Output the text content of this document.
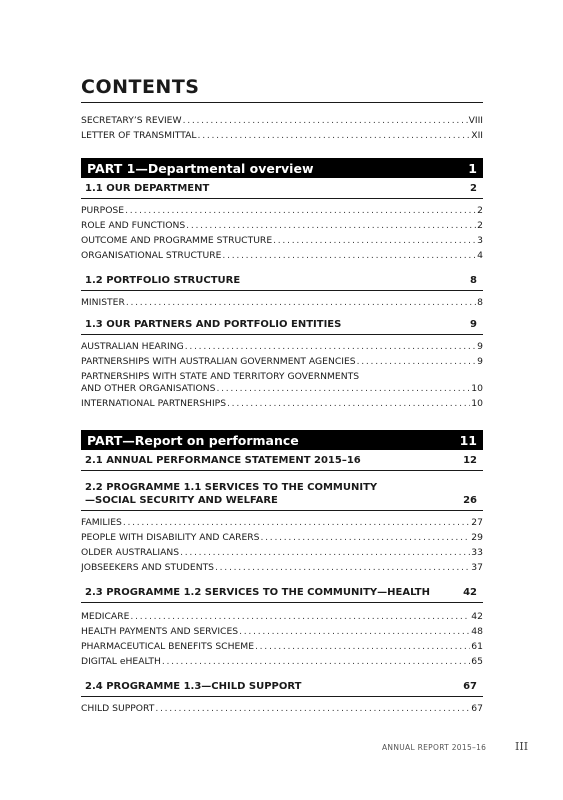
CONTENTS
SECRETARY’S REVIEW . . .	VIII
LETTER OF TRANSMITTAL . . .	XII
PART 1—Departmental overview	1
1.1 OUR DEPARTMENT	2
PURPOSE . . .	2
ROLE AND FUNCTIONS . . .	2
OUTCOME AND PROGRAMME STRUCTURE . . .	3
ORGANISATIONAL STRUCTURE . . .	4
1.2 PORTFOLIO STRUCTURE	8
MINISTER . . .	8
1.3 OUR PARTNERS AND PORTFOLIO ENTITIES	9
AUSTRALIAN HEARING . . .	9
PARTNERSHIPS WITH AUSTRALIAN GOVERNMENT AGENCIES . . .	9
PARTNERSHIPS WITH STATE AND TERRITORY GOVERNMENTS
AND OTHER ORGANISATIONS . . .	10
INTERNATIONAL PARTNERSHIPS . . .	10
PART—Report on performance	11
2.1 ANNUAL PERFORMANCE STATEMENT 2015–16	12
2.2 PROGRAMME 1.1 SERVICES TO THE COMMUNITY
—SOCIAL SECURITY AND WELFARE	26
FAMILIES . . .	27
PEOPLE WITH DISABILITY AND CARERS . . .	29
OLDER AUSTRALIANS . . .	33
JOBSEEKERS AND STUDENTS . . .	37
2.3 PROGRAMME 1.2 SERVICES TO THE COMMUNITY—HEALTH	42
MEDICARE . . .	42
HEALTH PAYMENTS AND SERVICES . . .	48
PHARMACEUTICAL BENEFITS SCHEME . . .	61
DIGITAL eHEALTH . . .	65
2.4 PROGRAMME 1.3—CHILD SUPPORT	67
CHILD SUPPORT . . .	67
ANNUAL REPORT 2015–16	III
